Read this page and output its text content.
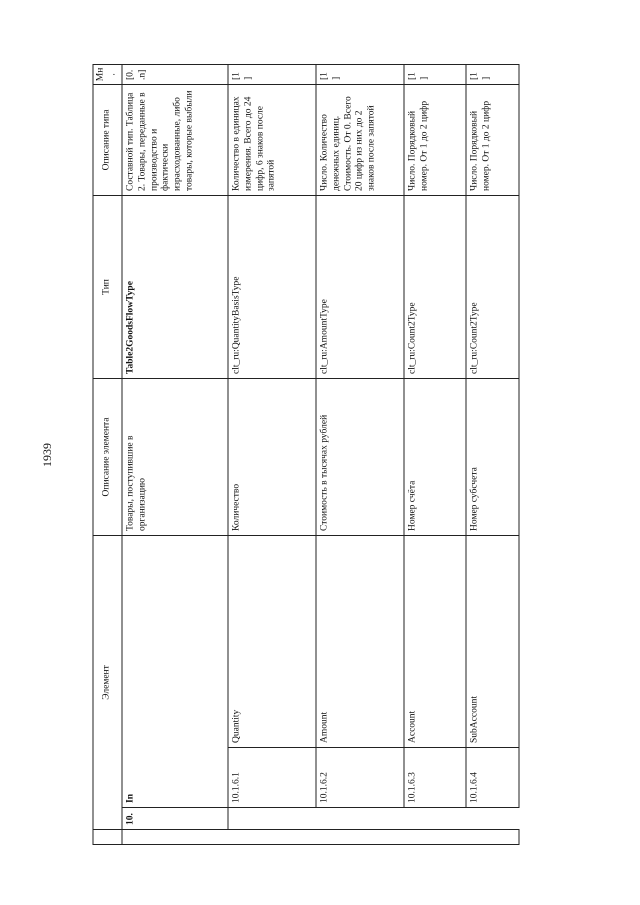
1939
	Элемент			Описание элемента	Тип	Описание типа	Мн.
	10.	In		Товары, поступившие в организацию	Table2GoodsFlowType	Составной тип. Таблица 2. Товары, переданные в производство и фактически израсходованные, либо товары, которые выбыли	[0..n]
		10.1.6.1	Quantity	Количество	clt_ru:QuantityBasisType	Количество в единицах измерения. Всего до 24 цифр, 6 знаков после запятой	[1]
		10.1.6.2	Amount	Стоимость в тысячах рублей	clt_ru:AmountType	Число. Количество денежных единиц. Стоимость. От 0. Всего 20 цифр из них до 2 знаков после запятой	[1]
		10.1.6.3	Account	Номер счёта	clt_ru:Count2Type	Число. Порядковый номер. От 1 до 2 цифр	[1]
		10.1.6.4	SubAccount	Номер субсчета	clt_ru:Count2Type	Число. Порядковый номер. От 1 до 2 цифр	[1]
